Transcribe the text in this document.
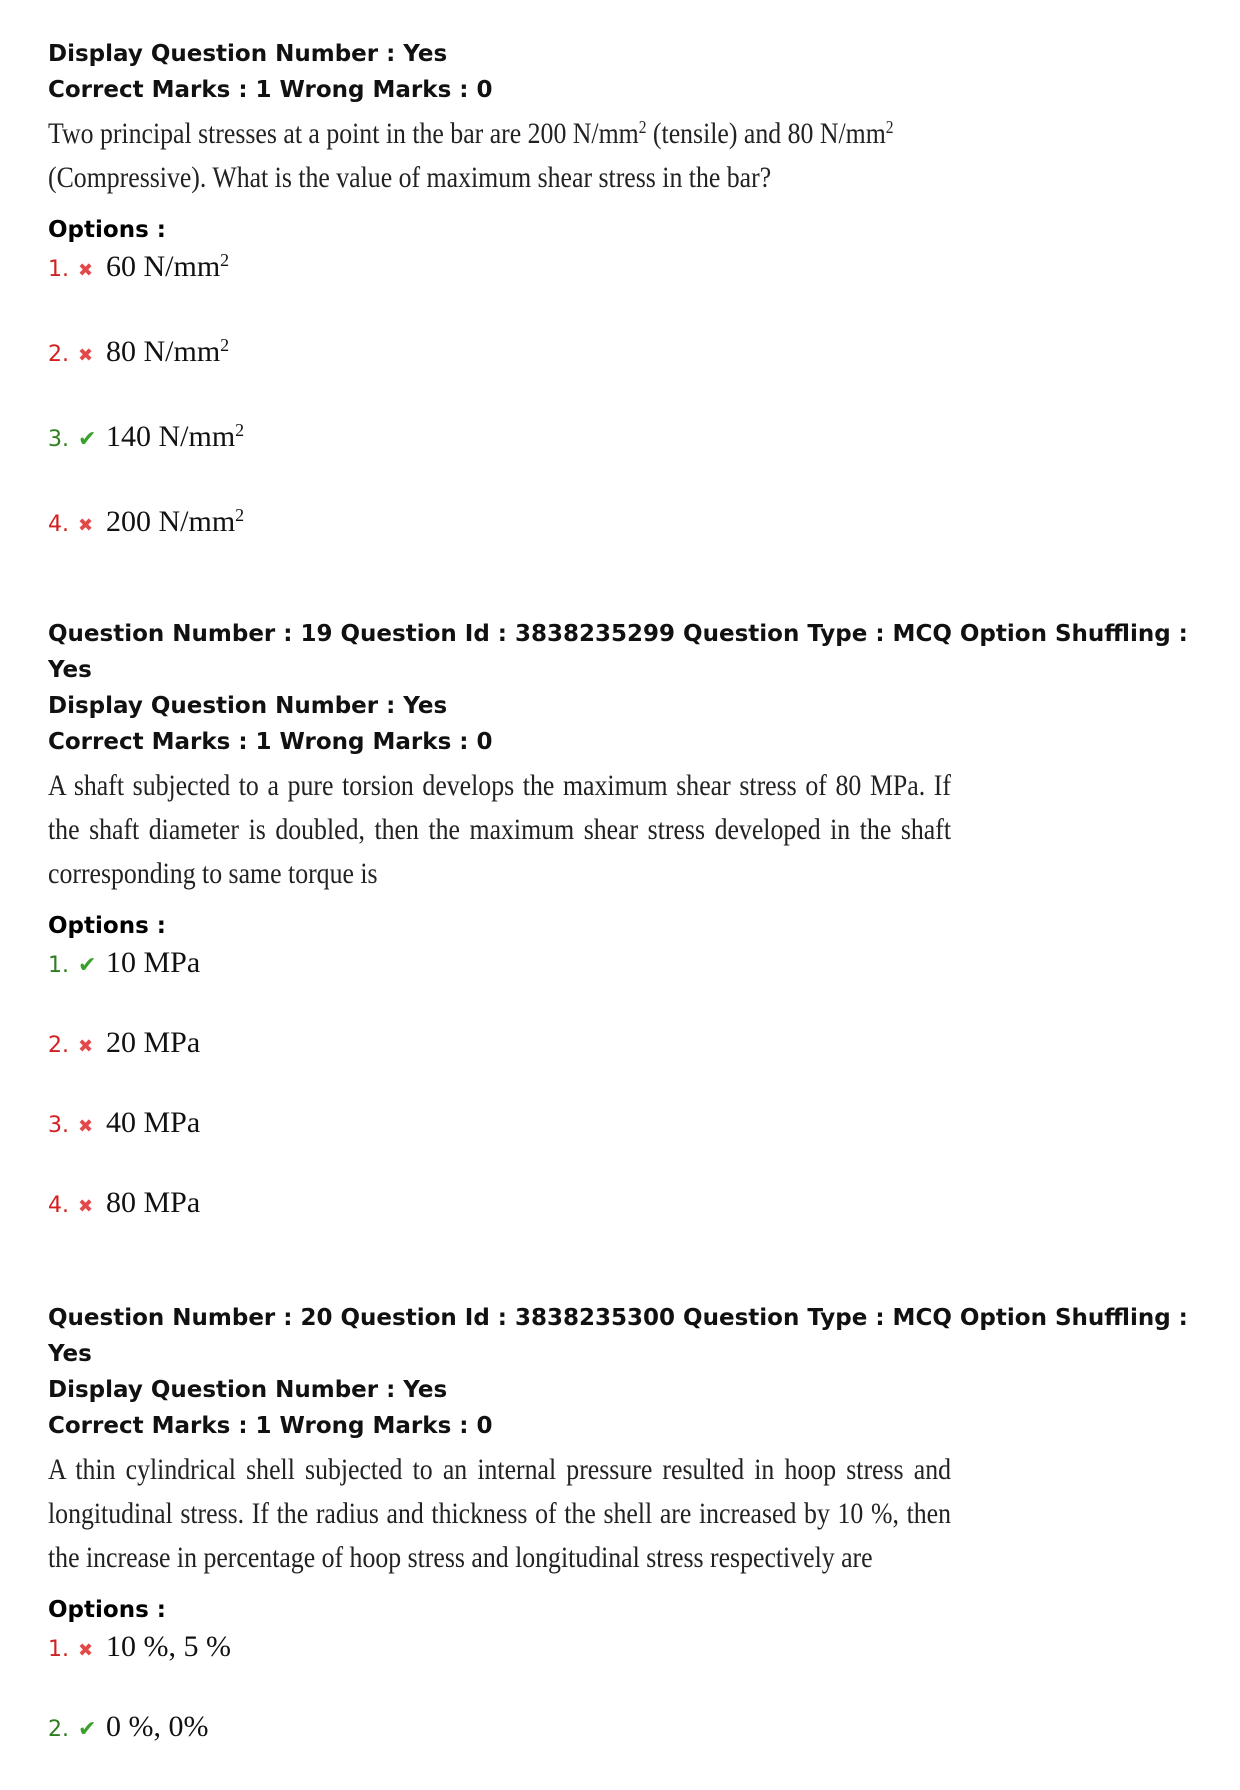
Display Question Number : Yes

Correct Marks : 1 Wrong Marks : 0

Two principal stresses at a point in the bar are 200 $N/mm^2$ (tensile) and 80 $N/mm^2$
(Compressive). What is the value of maximum shear stress in the bar?

Options :

1. ✖ 60 $N/mm^2$
2. ✖ 80 $N/mm^2$
3. ✔ 140 $N/mm^2$
4. ✖ 200 $N/mm^2$

Question Number : 19 Question Id : 3838235299 Question Type : MCQ Option Shuffling : Yes

Display Question Number : Yes

Correct Marks : 1 Wrong Marks : 0

A shaft subjected to a pure torsion develops the maximum shear stress of 80 MPa. If the shaft diameter is doubled, then the maximum shear stress developed in the shaft corresponding to same torque is

Options :

1. ✔ 10 MPa
2. ✖ 20 MPa
3. ✖ 40 MPa
4. ✖ 80 MPa

Question Number : 20 Question Id : 3838235300 Question Type : MCQ Option Shuffling : Yes

Display Question Number : Yes

Correct Marks : 1 Wrong Marks : 0

A thin cylindrical shell subjected to an internal pressure resulted in hoop stress and longitudinal stress. If the radius and thickness of the shell are increased by 10 %, then the increase in percentage of hoop stress and longitudinal stress respectively are

Options :

1. ✖ 10 %, 5 %
2. ✔ 0 %, 0%
